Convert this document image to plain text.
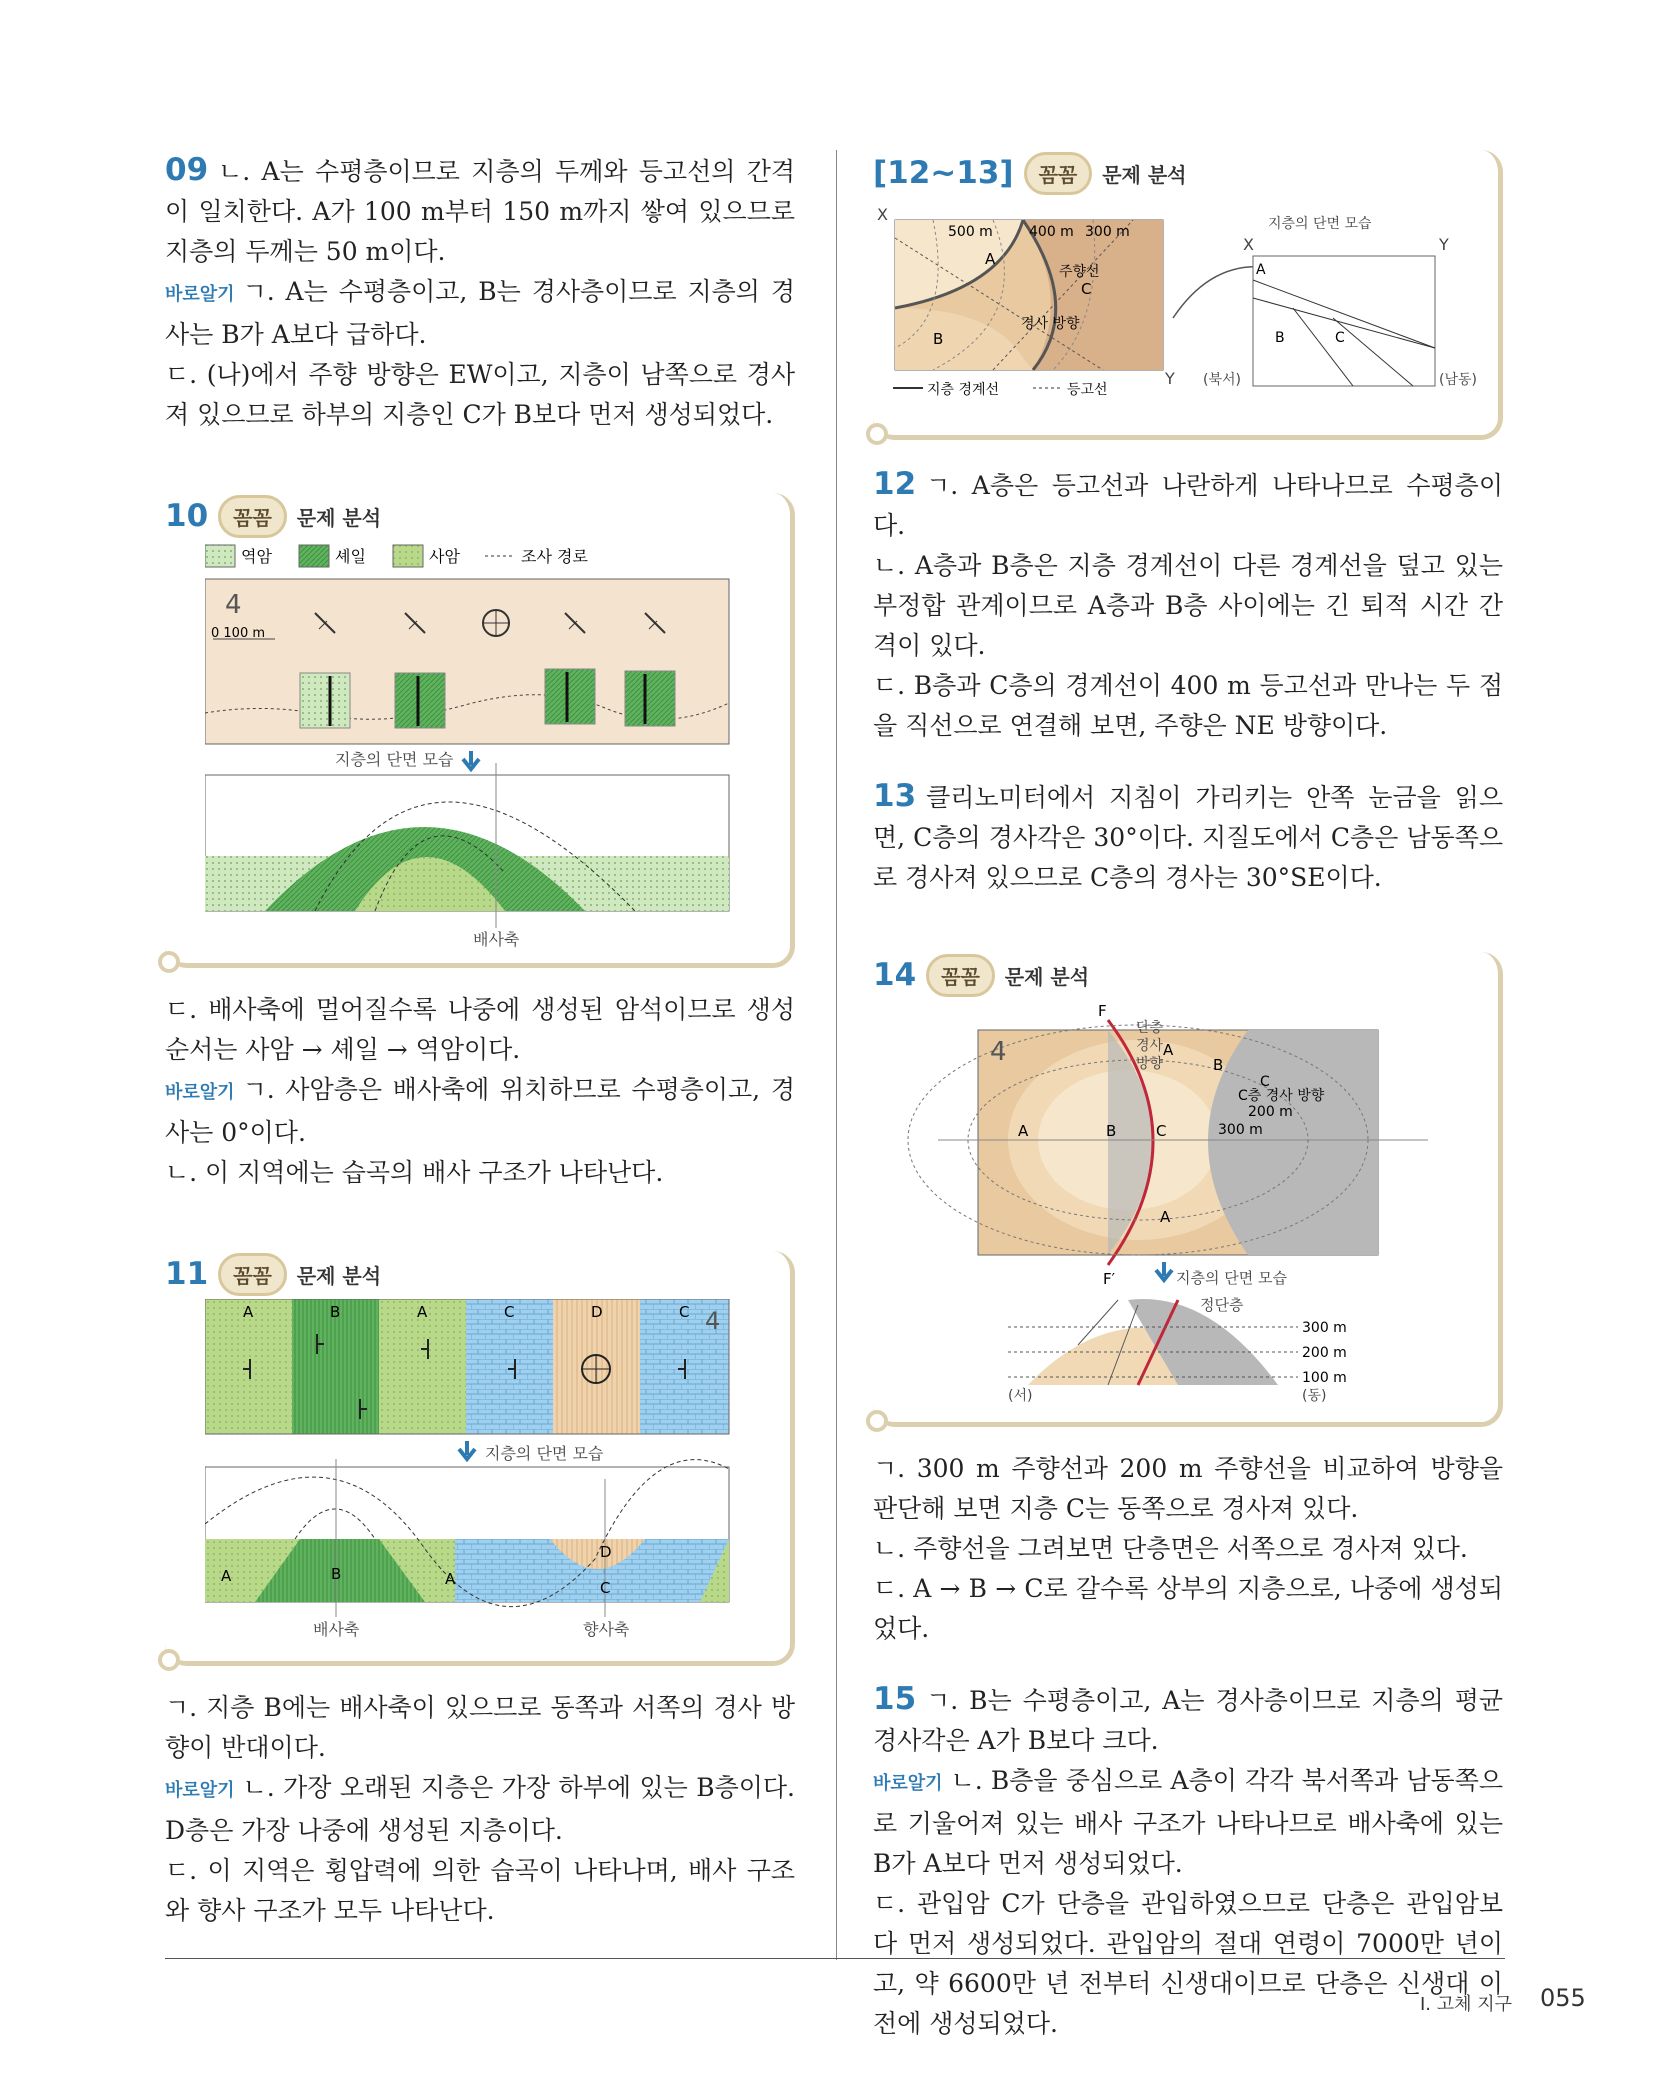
09 ㄴ. A는 수평층이므로 지층의 두께와 등고선의 간격이 일치한다. A가 100 m부터 150 m까지 쌓여 있으므로 지층의 두께는 50 m이다.

바로알기 ㄱ. A는 수평층이고, B는 경사층이므로 지층의 경사는 B가 A보다 급하다.

ㄷ. (나)에서 주향 방향은 EW이고, 지층이 남쪽으로 경사져 있으므로 하부의 지층인 C가 B보다 먼저 생성되었다.

10	꼼꼼	문제 분석
역암	셰일	사암	조사 경로
4
0 100 m
지층의 단면 모습
배사축

ㄷ. 배사축에 멀어질수록 나중에 생성된 암석이므로 생성 순서는 사암 → 셰일 → 역암이다.

바로알기 ㄱ. 사암층은 배사축에 위치하므로 수평층이고, 경사는 0°이다.

ㄴ. 이 지역에는 습곡의 배사 구조가 나타난다.

11	꼼꼼	문제 분석
A	B	A	C	D	C 4
지층의 단면 모습
A	B	A
D
C
배사축	향사축

ㄱ. 지층 B에는 배사축이 있으므로 동쪽과 서쪽의 경사 방향이 반대이다.

바로알기 ㄴ. 가장 오래된 지층은 가장 하부에 있는 B층이다. D층은 가장 나중에 생성된 지층이다.

ㄷ. 이 지역은 횡압력에 의한 습곡이 나타나며, 배사 구조와 향사 구조가 모두 나타난다.

[12~13]	꼼꼼	문제 분석
X
500 m	400 m 300 m
A
주향선
C
경사 방향
B
Y
지층 경계선	등고선
지층의 단면 모습
X	Y
A
B	C
(북서)	(남동)

12 ㄱ. A층은 등고선과 나란하게 나타나므로 수평층이다.

ㄴ. A층과 B층은 지층 경계선이 다른 경계선을 덮고 있는 부정합 관계이므로 A층과 B층 사이에는 긴 퇴적 시간 간격이 있다.

ㄷ. B층과 C층의 경계선이 400 m 등고선과 만나는 두 점을 직선으로 연결해 보면, 주향은 NE 방향이다.

13 클리노미터에서 지침이 가리키는 안쪽 눈금을 읽으면, C층의 경사각은 30°이다. 지질도에서 C층은 남동쪽으로 경사져 있으므로 C층의 경사는 30°SE이다.

14	꼼꼼	문제 분석
F
단층
경사
방향
A
B
C층 경사 방향
C
200 m
300 m
A	B	C
A
4
F′	지층의 단면 모습
정단층
300 m
200 m
100 m
(서)	(동)

ㄱ. 300 m 주향선과 200 m 주향선을 비교하여 방향을 판단해 보면 지층 C는 동쪽으로 경사져 있다.

ㄴ. 주향선을 그려보면 단층면은 서쪽으로 경사져 있다.

ㄷ. A → B → C로 갈수록 상부의 지층으로, 나중에 생성되었다.

15 ㄱ. B는 수평층이고, A는 경사층이므로 지층의 평균 경사각은 A가 B보다 크다.

바로알기 ㄴ. B층을 중심으로 A층이 각각 북서쪽과 남동쪽으로 기울어져 있는 배사 구조가 나타나므로 배사축에 있는 B가 A보다 먼저 생성되었다.

ㄷ. 관입암 C가 단층을 관입하였으므로 단층은 관입암보다 먼저 생성되었다. 관입암의 절대 연령이 7000만 년이고, 약 6600만 년 전부터 신생대이므로 단층은 신생대 이전에 생성되었다.

I. 고체 지구 055
